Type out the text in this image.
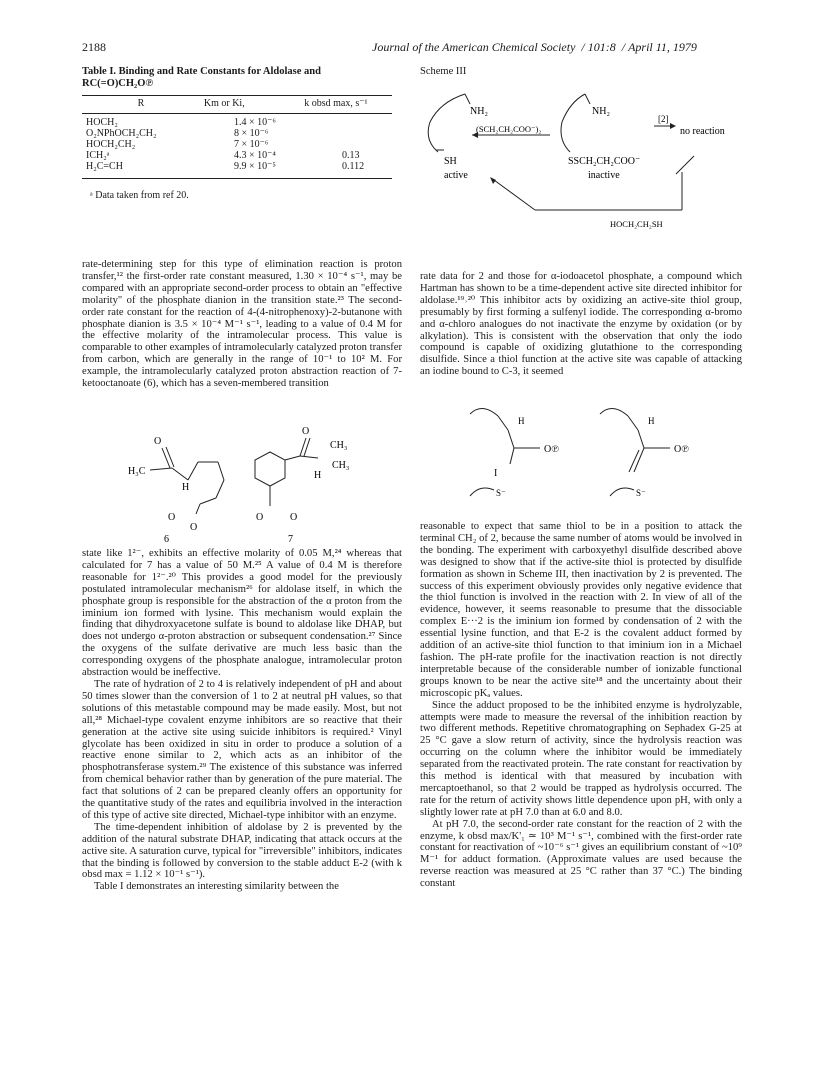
2188	Journal of the American Chemical Society  / 101:8  / April 11, 1979
Table I. Binding and Rate Constants for Aldolase and RC(=O)CH₂O℗
R	Km or Ki,	k obsd max, s⁻¹
HOCH₂	1.4 × 10⁻⁶	
O₂NPhOCH₂CH₂	8 × 10⁻⁶	
HOCH₂CH₂	7 × 10⁻⁶	
ICH₂ᵃ	4.3 × 10⁻⁴	0.13
H₂C=CH	9.9 × 10⁻⁵	0.112
ᵃ Data taken from ref 20.
Scheme III
NH₂	NH₂
(SCH₂CH₂COO⁻)₂
[2]
no reaction
SH
active
SSCH₂CH₂COO⁻
inactive
HOCH₂CH₂SH

rate-determining step for this type of elimination reaction is proton transfer,¹² the first-order rate constant measured, 1.30 × 10⁻⁴ s⁻¹, may be compared with an appropriate second-order process to obtain an "effective molarity" of the phosphate dianion in the transition state.²³ The second-order rate constant for the reaction of 4-(4-nitrophenoxy)-2-butanone with phosphate dianion is 3.5 × 10⁻⁴ M⁻¹ s⁻¹, leading to a value of 0.4 M for the effective molarity of the intramolecular process. This value is comparable to other examples of intramolecularly catalyzed proton transfer from carbon, which are generally in the range of 10⁻¹ to 10² M. For example, the intramolecularly catalyzed proton abstraction reaction of 7-ketooctanoate (6), which has a seven-membered transition

O
H₃C
H
O
O
6
O
CH₃
CH₃
H
O	O
7

state like 1²⁻, exhibits an effective molarity of 0.05 M,²⁴ whereas that calculated for 7 has a value of 50 M.²⁵ A value of 0.4 M is therefore reasonable for 1²⁻.²⁰ This provides a good model for the previously postulated intramolecular mechanism²⁶ for aldolase itself, in which the phosphate group is responsible for the abstraction of the α proton from the iminium ion formed with lysine. This mechanism would explain the finding that dihydroxyacetone sulfate is bound to aldolase like DHAP, but does not undergo α-proton abstraction or subsequent condensation.²⁷ Since the oxygens of the sulfate derivative are much less basic than the corresponding oxygens of the phosphate analogue, intramolecular proton abstraction would be ineffective.

The rate of hydration of 2 to 4 is relatively independent of pH and about 50 times slower than the conversion of 1 to 2 at neutral pH values, so that solutions of this metastable compound may be made easily. Most, but not all,²⁸ Michael-type covalent enzyme inhibitors are so reactive that their generation at the active site using suicide inhibitors is required.² Vinyl glycolate has been oxidized in situ in order to produce a solution of a reactive enone similar to 2, which acts as an inhibitor of the phosphotransferase system.²⁹ The existence of this substance was inferred from chemical behavior rather than by generation of the pure material. The fact that solutions of 2 can be prepared cleanly offers an opportunity for the quantitative study of the rates and equilibria involved in the interaction of this type of active site directed, Michael-type inhibitor with an enzyme.

The time-dependent inhibition of aldolase by 2 is prevented by the addition of the natural substrate DHAP, indicating that attack occurs at the active site. A saturation curve, typical for "irreversible" inhibitors, indicates that the binding is followed by conversion to the stable adduct E-2 (with k obsd max = 1.12 × 10⁻¹ s⁻¹).

Table I demonstrates an interesting similarity between the

rate data for 2 and those for α-iodoacetol phosphate, a compound which Hartman has shown to be a time-dependent active site directed inhibitor for aldolase.¹⁹˒²⁰ This inhibitor acts by oxidizing an active-site thiol group, presumably by first forming a sulfenyl iodide. The corresponding α-bromo and α-chloro analogues do not inactivate the enzyme by oxidation (or by alkylation). This is consistent with the observation that only the iodo compound is capable of oxidizing glutathione to the corresponding disulfide. Since a thiol function at the active site was capable of attacking an iodine bound to C-3, it seemed

H
O℗
I
S⁻
H
O℗
S⁻

reasonable to expect that same thiol to be in a position to attack the terminal CH₂ of 2, because the same number of atoms would be involved in the bonding. The experiment with carboxyethyl disulfide described above was designed to show that if the active-site thiol is protected by disulfide formation as shown in Scheme III, then inactivation by 2 is prevented. The success of this experiment obviously provides only negative evidence that the thiol function is involved in the reaction with 2. In view of all of the evidence, however, it seems reasonable to presume that the dissociable complex E···2 is the iminium ion formed by condensation of 2 with the essential lysine function, and that E-2 is the covalent adduct formed by addition of an active-site thiol function to that iminium ion in a Michael fashion. The pH-rate profile for the inactivation reaction is not directly interpretable because of the considerable number of ionizable functional groups known to be near the active site¹⁸ and the uncertainty about their microscopic pKₐ values.

Since the adduct proposed to be the inhibited enzyme is hydrolyzable, attempts were made to measure the reversal of the inhibition reaction by two different methods. Repetitive chromatographing on Sephadex G-25 at 25 °C gave a slow return of activity, since the hydrolysis reaction was occurring on the column where the inhibitor would be immediately separated from the reactivated protein. The rate constant for reactivation by this method is identical with that measured by incubation with mercaptoethanol, so that 2 would be trapped as hydrolysis occurred. The rate for the return of activity shows little dependence upon pH, with only a slightly lower rate at pH 7.0 than at 6.0 and 8.0.

At pH 7.0, the second-order rate constant for the reaction of 2 with the enzyme, k obsd max/K'₁ ≃ 10³ M⁻¹ s⁻¹, combined with the first-order rate constant for reactivation of ~10⁻⁶ s⁻¹ gives an equilibrium constant of ~10⁹ M⁻¹ for adduct formation. (Approximate values are used because the reverse reaction was measured at 25 °C rather than 37 °C.) The binding constant
